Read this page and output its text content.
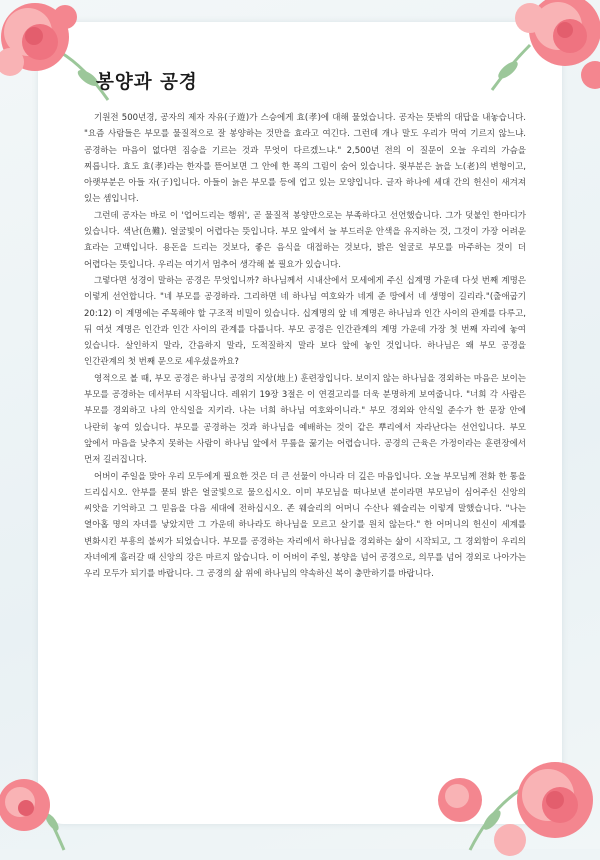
봉양과 공경

기원전 500년경, 공자의 제자 자유(子遊)가 스승에게 효(孝)에 대해 물었습니다. 공자는 뜻밖의 대답을 내놓습니다. "요즘 사람들은 부모를 물질적으로 잘 봉양하는 것만을 효라고 여긴다. 그런데 개나 말도 우리가 먹여 기르지 않느냐. 공경하는 마음이 없다면 짐승을 기르는 것과 무엇이 다르겠느냐." 2,500년 전의 이 질문이 오늘 우리의 가슴을 찌릅니다. 효도 효(孝)라는 한자를 뜯어보면 그 안에 한 폭의 그림이 숨어 있습니다. 윗부분은 늙을 노(老)의 변형이고, 아랫부분은 아들 자(子)입니다. 아들이 늙은 부모를 등에 업고 있는 모양입니다. 글자 하나에 세대 간의 헌신이 새겨져 있는 셈입니다.

그런데 공자는 바로 이 '업어드리는 행위', 곧 물질적 봉양만으로는 부족하다고 선언했습니다. 그가 덧붙인 한마디가 있습니다. 색난(色難). 얼굴빛이 어렵다는 뜻입니다. 부모 앞에서 늘 부드러운 안색을 유지하는 것, 그것이 가장 어려운 효라는 고백입니다. 용돈을 드리는 것보다, 좋은 음식을 대접하는 것보다, 밝은 얼굴로 부모를 마주하는 것이 더 어렵다는 뜻입니다. 우리는 여기서 멈추어 생각해 볼 필요가 있습니다.

그렇다면 성경이 말하는 공경은 무엇입니까? 하나님께서 시내산에서 모세에게 주신 십계명 가운데 다섯 번째 계명은 이렇게 선언합니다. "네 부모를 공경하라. 그리하면 네 하나님 여호와가 네게 준 땅에서 네 생명이 길리라."(출애굽기 20:12) 이 계명에는 주목해야 할 구조적 비밀이 있습니다. 십계명의 앞 네 계명은 하나님과 인간 사이의 관계를 다루고, 뒤 여섯 계명은 인간과 인간 사이의 관계를 다룹니다. 부모 공경은 인간관계의 계명 가운데 가장 첫 번째 자리에 놓여 있습니다. 살인하지 말라, 간음하지 말라, 도적질하지 말라 보다 앞에 놓인 것입니다. 하나님은 왜 부모 공경을 인간관계의 첫 번째 문으로 세우셨을까요?

영적으로 볼 때, 부모 공경은 하나님 공경의 지상(地上) 훈련장입니다. 보이지 않는 하나님을 경외하는 마음은 보이는 부모를 공경하는 데서부터 시작됩니다. 레위기 19장 3절은 이 연결고리를 더욱 분명하게 보여줍니다. "너희 각 사람은 부모를 경외하고 나의 안식일을 지키라. 나는 너희 하나님 여호와이니라." 부모 경외와 안식일 준수가 한 문장 안에 나란히 놓여 있습니다. 부모를 공경하는 것과 하나님을 예배하는 것이 같은 뿌리에서 자라난다는 선언입니다. 부모 앞에서 마음을 낮추지 못하는 사람이 하나님 앞에서 무릎을 꿇기는 어렵습니다. 공경의 근육은 가정이라는 훈련장에서 먼저 길러집니다.

어버이 주일을 맞아 우리 모두에게 필요한 것은 더 큰 선물이 아니라 더 깊은 마음입니다. 오늘 부모님께 전화 한 통을 드리십시오. 안부를 묻되 밝은 얼굴빛으로 물으십시오. 이미 부모님을 떠나보낸 분이라면 부모님이 심어주신 신앙의 씨앗을 기억하고 그 믿음을 다음 세대에 전하십시오. 존 웨슬리의 어머니 수산나 웨슬리는 이렇게 말했습니다. "나는 열아홉 명의 자녀를 낳았지만 그 가운데 하나라도 하나님을 모르고 살기를 원치 않는다." 한 어머니의 헌신이 세계를 변화시킨 부흥의 불씨가 되었습니다. 부모를 공경하는 자리에서 하나님을 경외하는 삶이 시작되고, 그 경외함이 우리의 자녀에게 흘러갈 때 신앙의 강은 마르지 않습니다. 이 어버이 주일, 봉양을 넘어 공경으로, 의무를 넘어 경외로 나아가는 우리 모두가 되기를 바랍니다. 그 공경의 삶 위에 하나님의 약속하신 복이 충만하기를 바랍니다.
